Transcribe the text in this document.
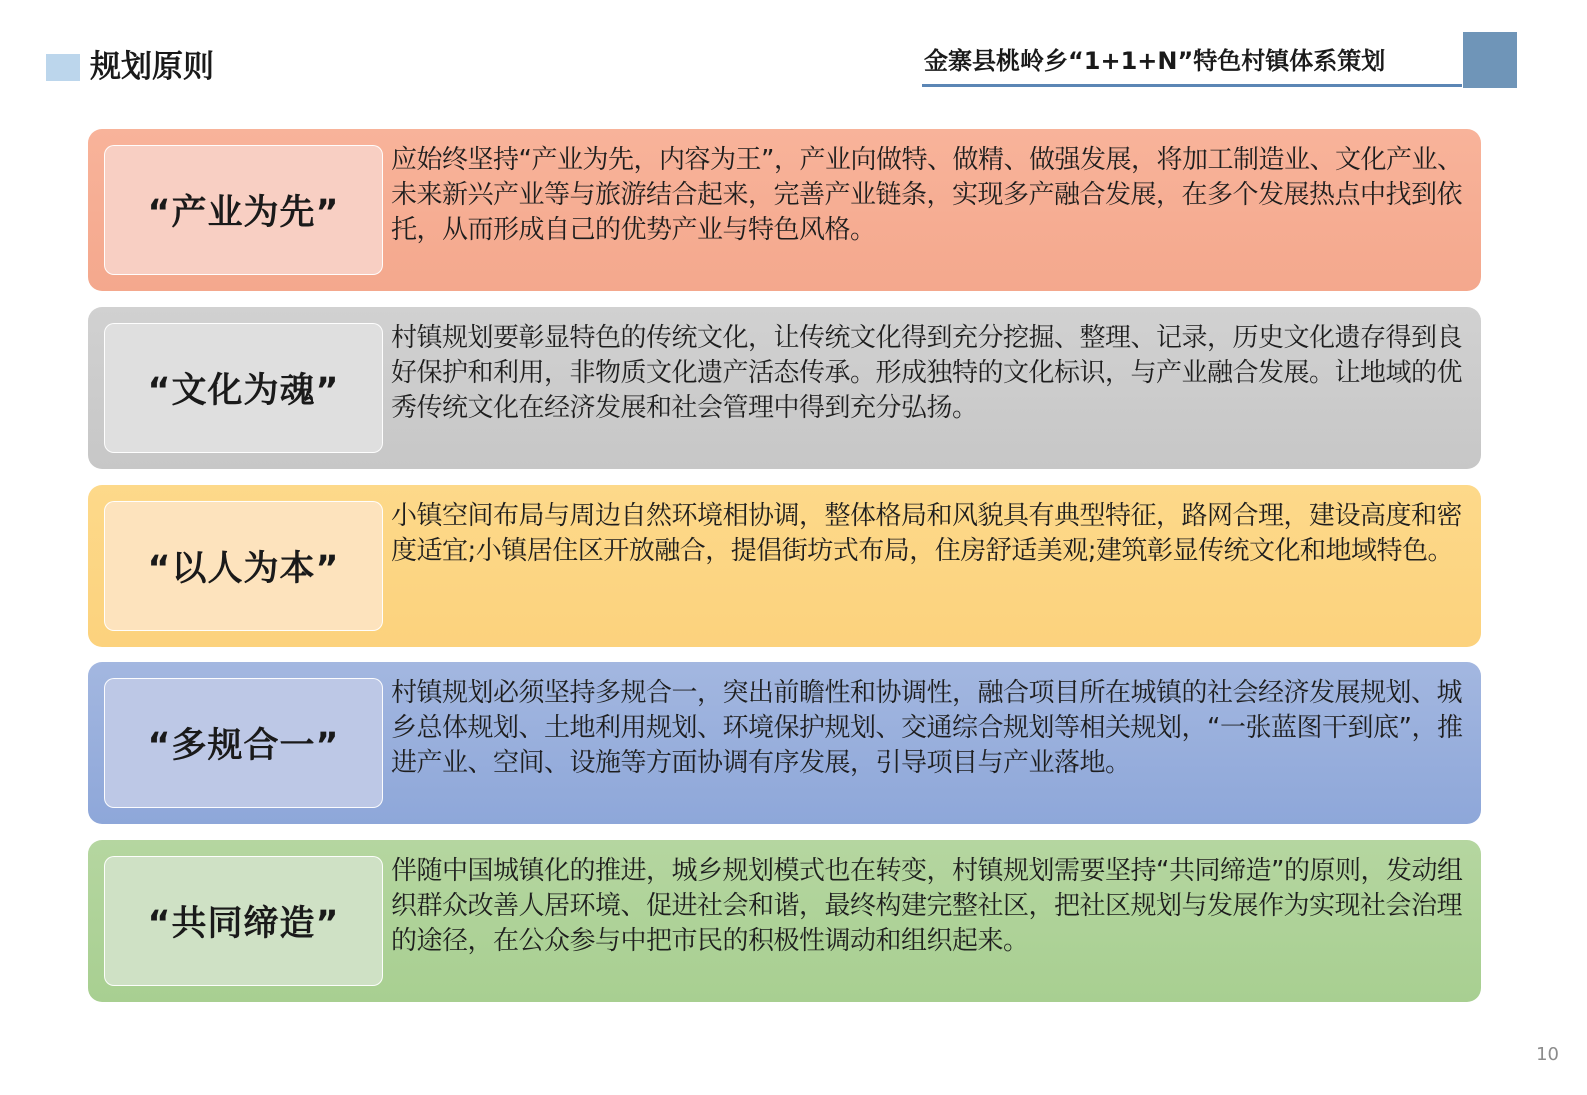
规划原则	金寨县桃岭乡“1+1+N”特色村镇体系策划
“产业为先”
应始终坚持“产业为先，内容为王”，产业向做特、做精、做强发展，将加工制造业、文化产业、未来新兴产业等与旅游结合起来，完善产业链条，实现多产融合发展，在多个发展热点中找到依托，从而形成自己的优势产业与特色风格。
“文化为魂”
村镇规划要彰显特色的传统文化，让传统文化得到充分挖掘、整理、记录，历史文化遗存得到良好保护和利用，非物质文化遗产活态传承。形成独特的文化标识，与产业融合发展。让地域的优秀传统文化在经济发展和社会管理中得到充分弘扬。
“以人为本”
小镇空间布局与周边自然环境相协调，整体格局和风貌具有典型特征，路网合理，建设高度和密度适宜;小镇居住区开放融合，提倡街坊式布局，住房舒适美观;建筑彰显传统文化和地域特色。
“多规合一”
村镇规划必须坚持多规合一，突出前瞻性和协调性，融合项目所在城镇的社会经济发展规划、城乡总体规划、土地利用规划、环境保护规划、交通综合规划等相关规划，“一张蓝图干到底”，推进产业、空间、设施等方面协调有序发展，引导项目与产业落地。
“共同缔造”
伴随中国城镇化的推进，城乡规划模式也在转变，村镇规划需要坚持“共同缔造”的原则，发动组织群众改善人居环境、促进社会和谐，最终构建完整社区，把社区规划与发展作为实现社会治理的途径，在公众参与中把市民的积极性调动和组织起来。
10
